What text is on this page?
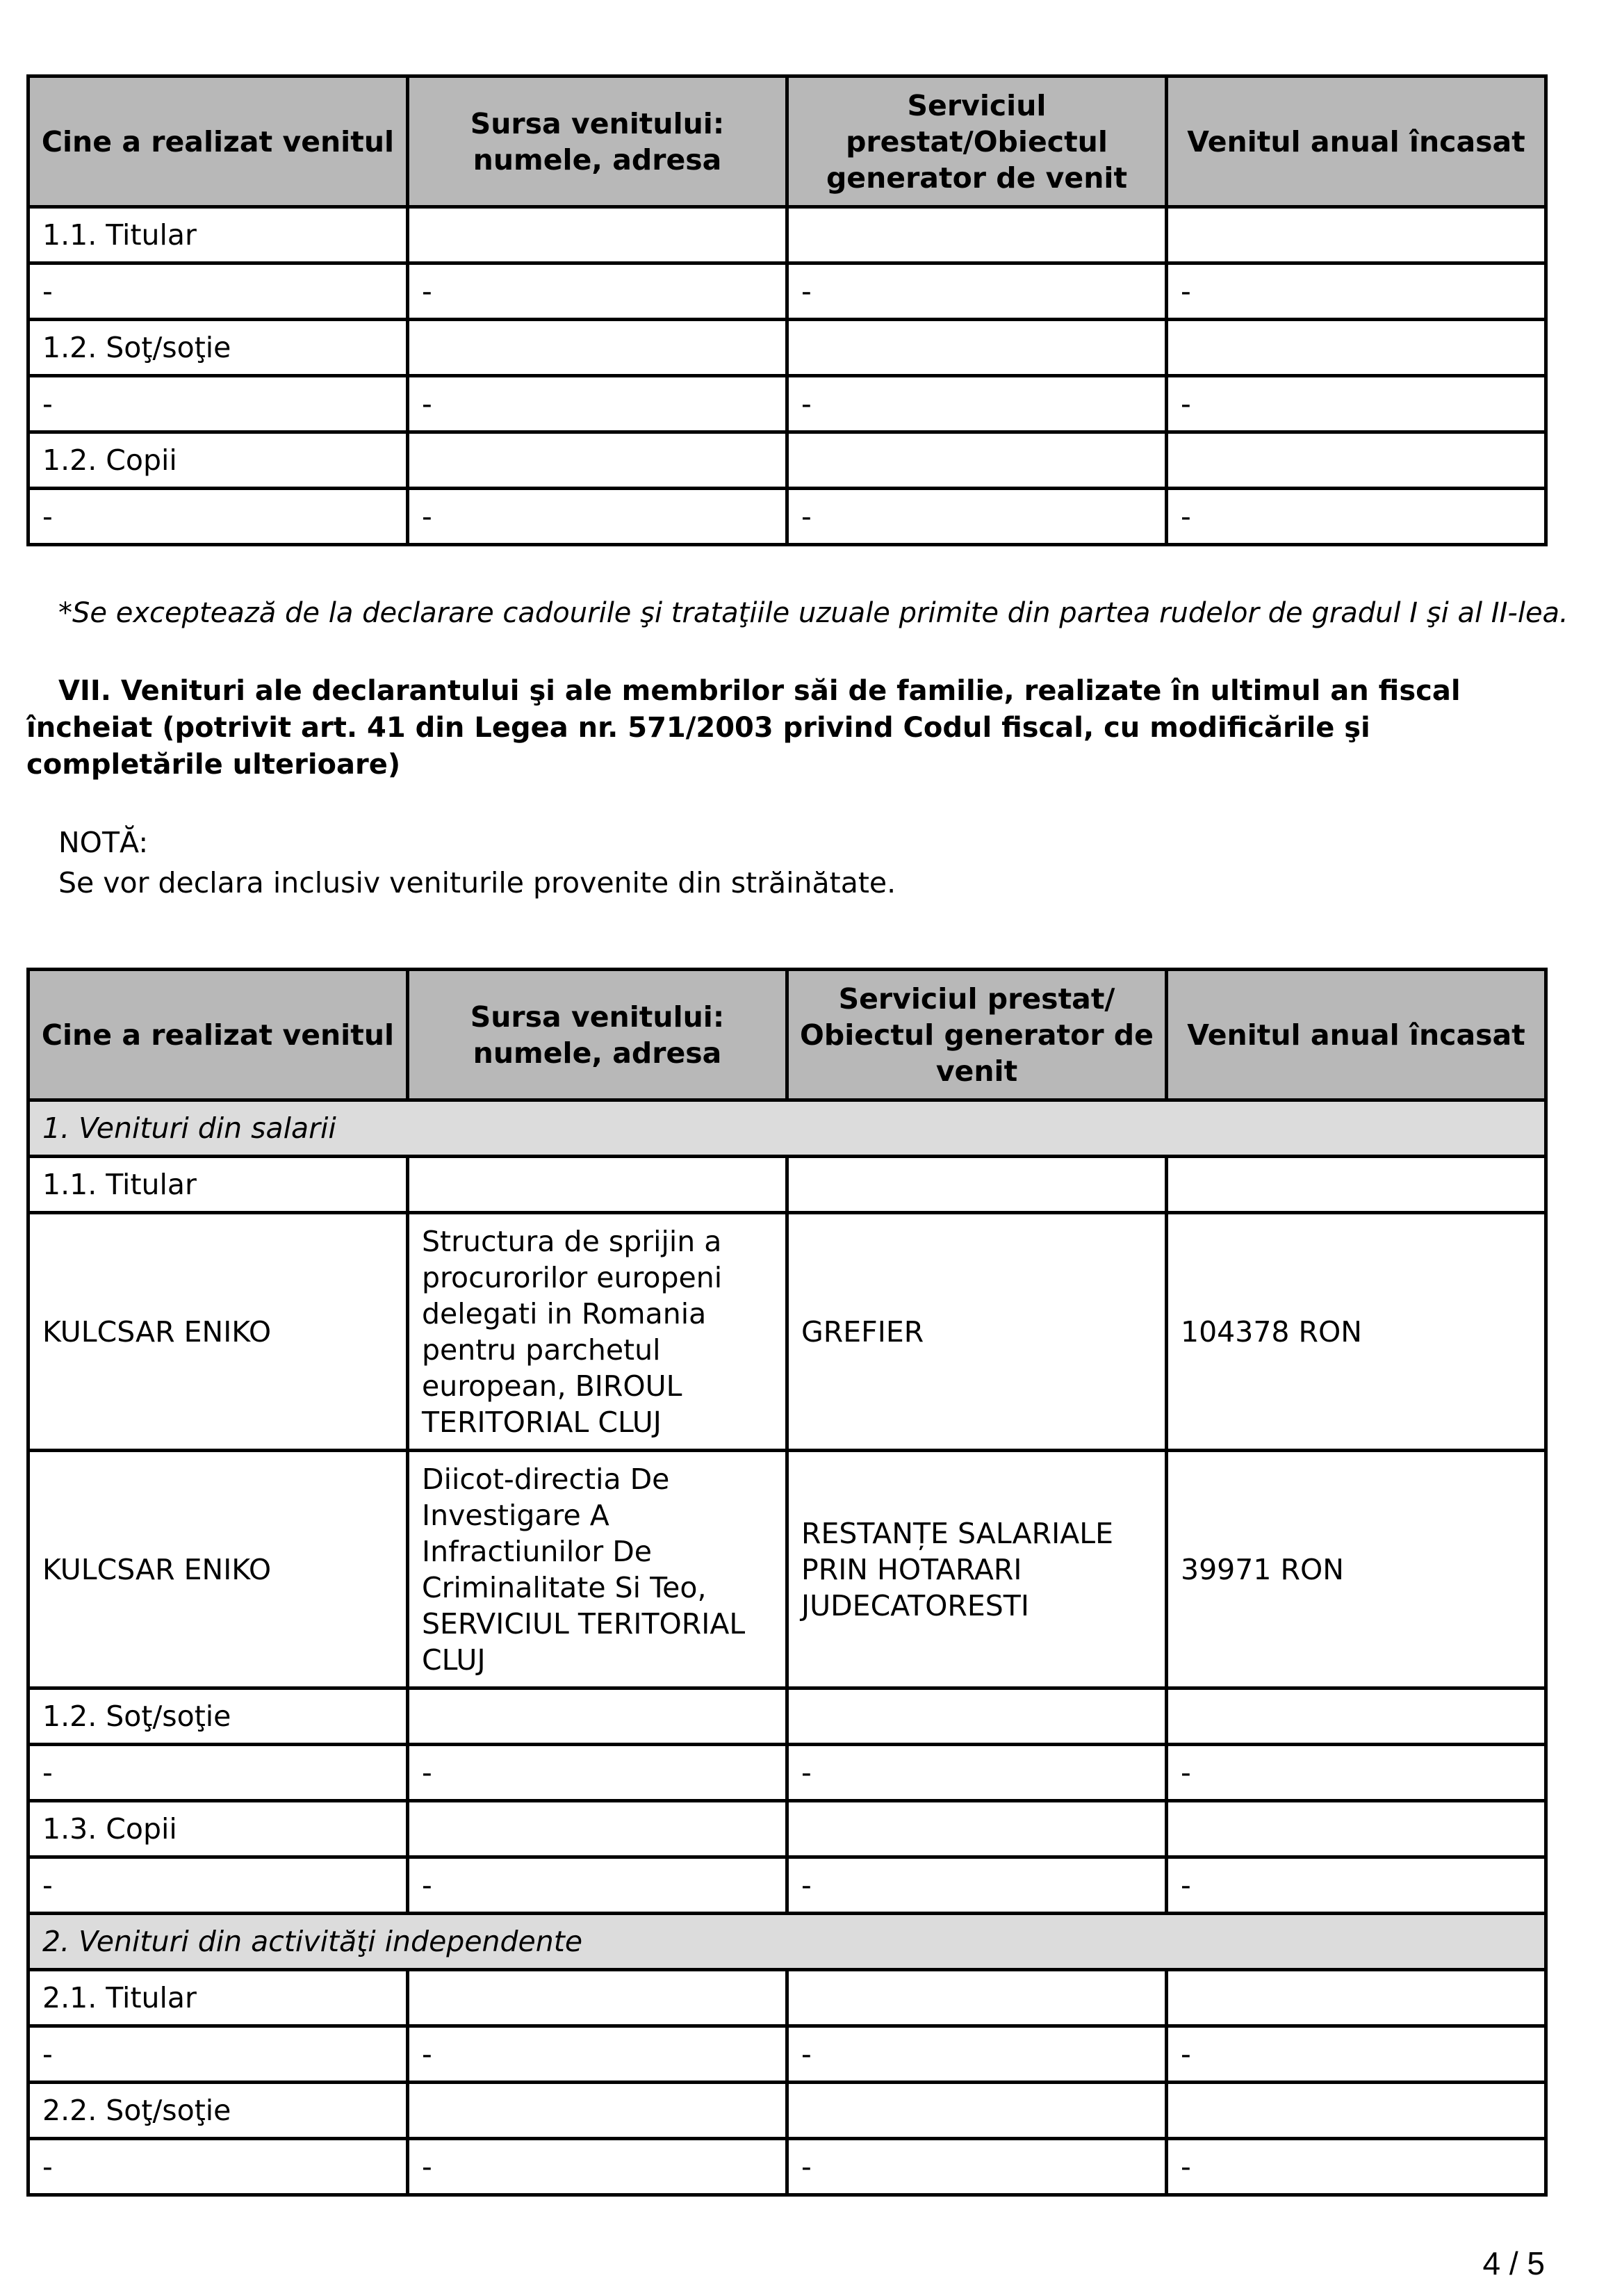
Cine a realizat venitul	Sursa venitului: numele, adresa	Serviciul prestat/Obiectul generator de venit	Venitul anual încasat
1.1. Titular			
-	-	-	-
1.2. Soţ/soţie			
-	-	-	-
1.2. Copii			
-	-	-	-
*Se exceptează de la declarare cadourile şi trataţiile uzuale primite din partea rudelor de gradul I şi al II-lea.
VII. Venituri ale declarantului şi ale membrilor săi de familie, realizate în ultimul an fiscal încheiat (potrivit art. 41 din Legea nr. 571/2003 privind Codul fiscal, cu modificările şi completările ulterioare)
NOTĂ:
Se vor declara inclusiv veniturile provenite din străinătate.
Cine a realizat venitul	Sursa venitului: numele, adresa	Serviciul prestat/ Obiectul generator de venit	Venitul anual încasat
1. Venituri din salarii			
1.1. Titular			
KULCSAR ENIKO	Structura de sprijin a procurorilor europeni delegati in Romania pentru parchetul european, BIROUL TERITORIAL CLUJ	GREFIER	104378 RON
KULCSAR ENIKO	Diicot-directia De Investigare A Infractiunilor De Criminalitate Si Teo, SERVICIUL TERITORIAL CLUJ	RESTANȚE SALARIALE PRIN HOTARARI JUDECATORESTI	39971 RON
1.2. Soţ/soţie			
-	-	-	-
1.3. Copii			
-	-	-	-
2. Venituri din activităţi independente			
2.1. Titular			
-	-	-	-
2.2. Soţ/soţie			
-	-	-	-
4 / 5
